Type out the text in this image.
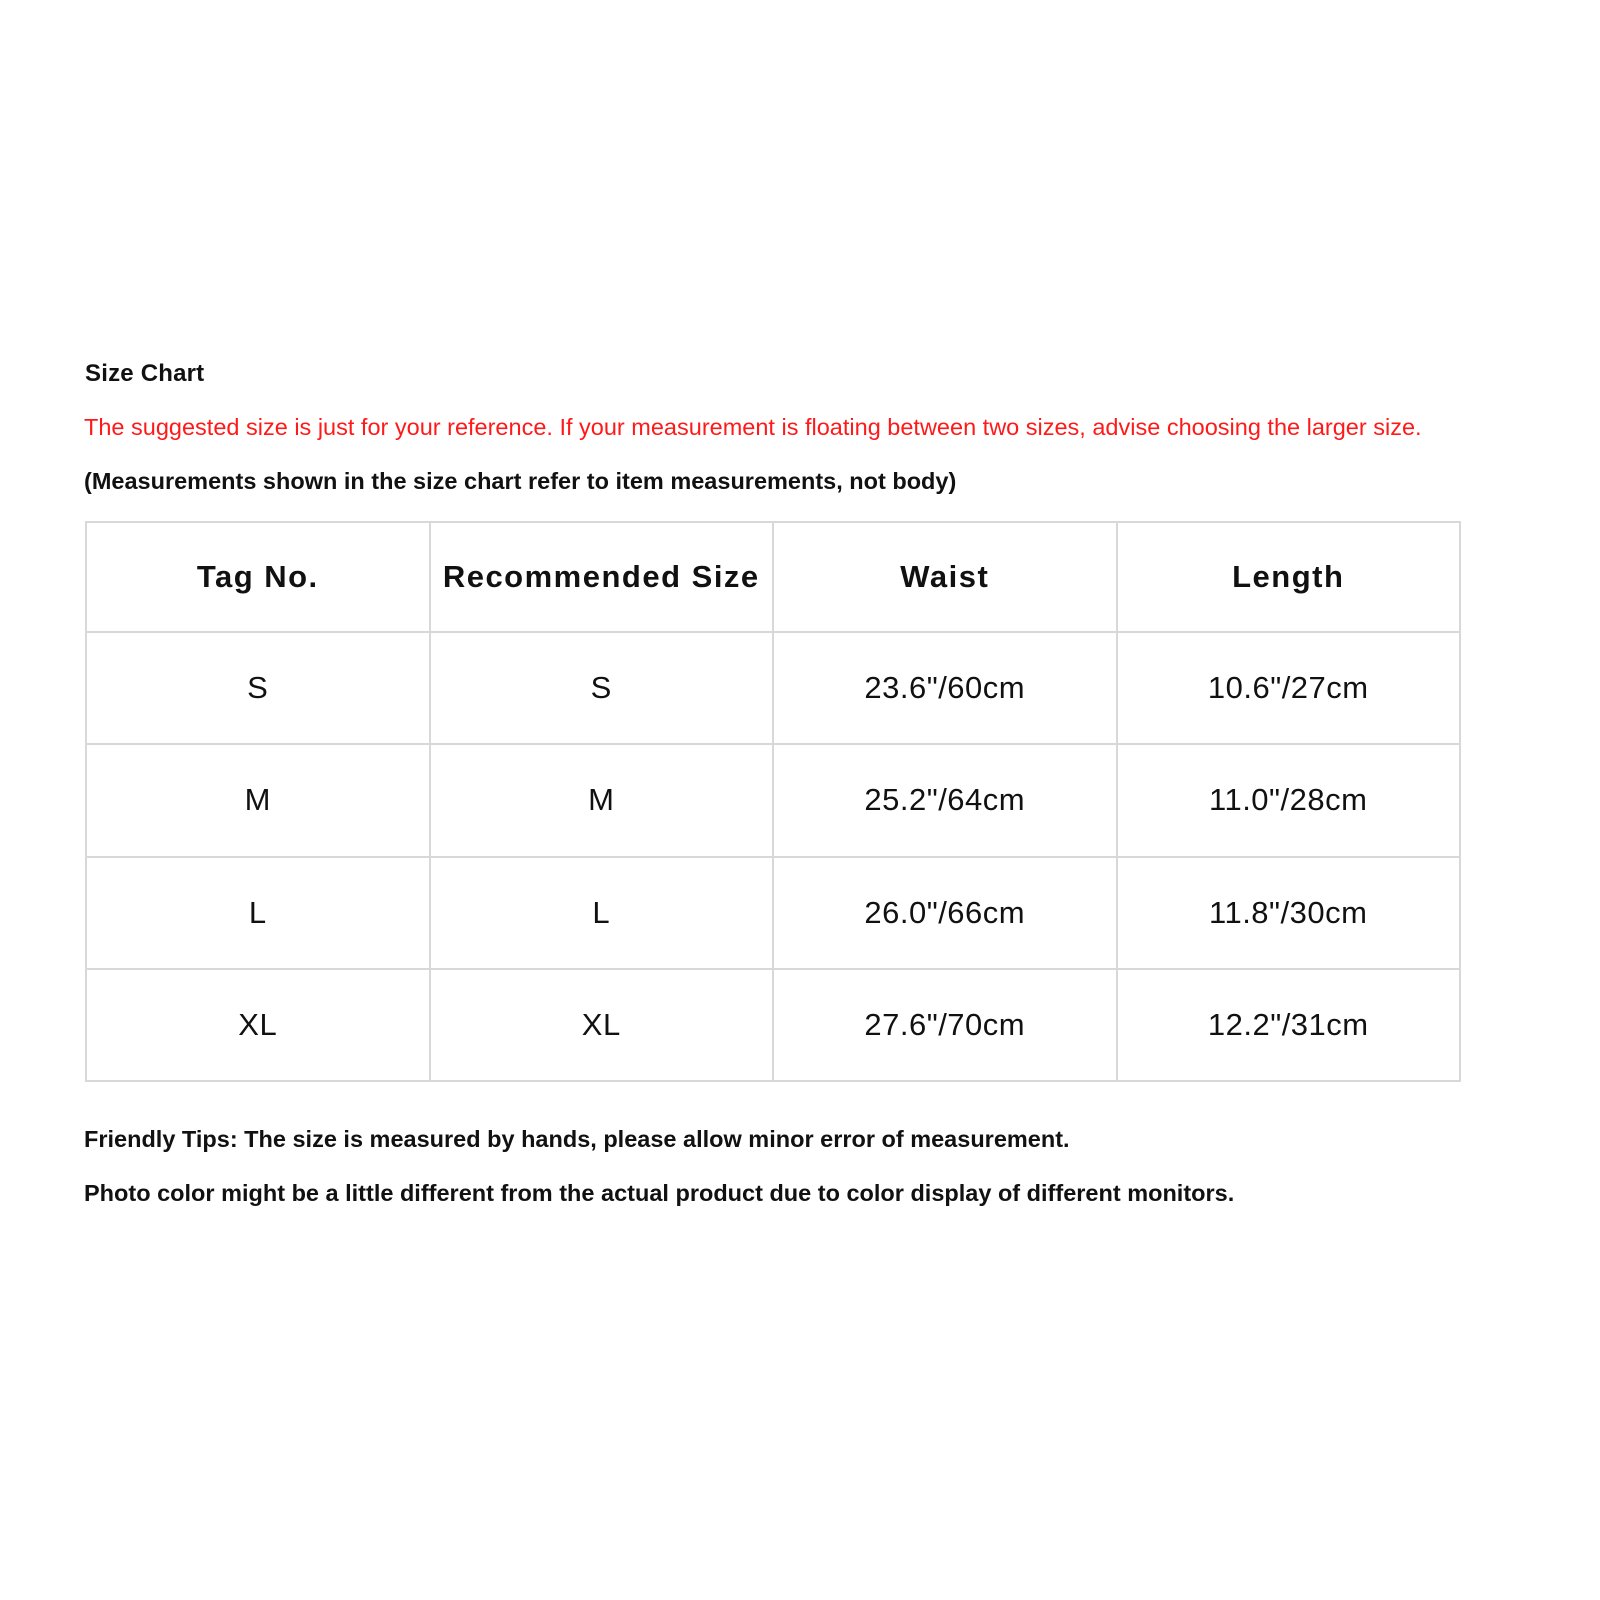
Size Chart
The suggested size is just for your reference. If your measurement is floating between two sizes, advise choosing the larger size.
(Measurements shown in the size chart refer to item measurements, not body)
Tag No.	Recommended Size	Waist	Length
S	S	23.6"/60cm	10.6"/27cm
M	M	25.2"/64cm	11.0"/28cm
L	L	26.0"/66cm	11.8"/30cm
XL	XL	27.6"/70cm	12.2"/31cm
Friendly Tips: The size is measured by hands, please allow minor error of measurement.
Photo color might be a little different from the actual product due to color display of different monitors.
